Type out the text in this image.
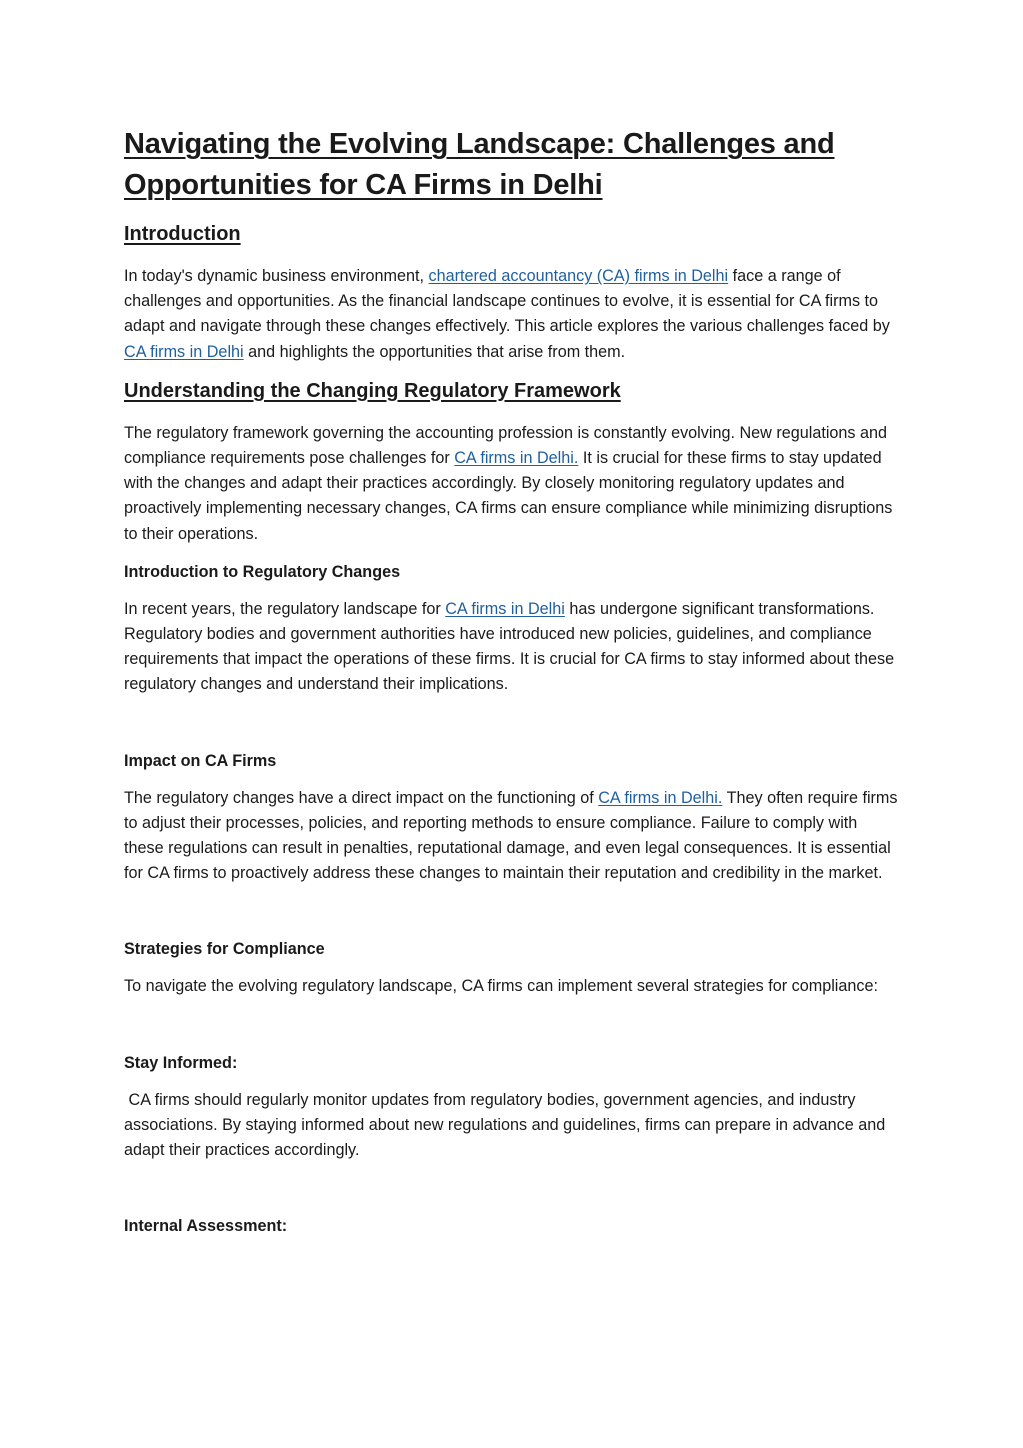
Navigating the Evolving Landscape: Challenges and Opportunities for CA Firms in Delhi
Introduction

In today's dynamic business environment, chartered accountancy (CA) firms in Delhi face a range of challenges and opportunities. As the financial landscape continues to evolve, it is essential for CA firms to adapt and navigate through these changes effectively. This article explores the various challenges faced by CA firms in Delhi and highlights the opportunities that arise from them.

Understanding the Changing Regulatory Framework

The regulatory framework governing the accounting profession is constantly evolving. New regulations and compliance requirements pose challenges for CA firms in Delhi. It is crucial for these firms to stay updated with the changes and adapt their practices accordingly. By closely monitoring regulatory updates and proactively implementing necessary changes, CA firms can ensure compliance while minimizing disruptions to their operations.

Introduction to Regulatory Changes

In recent years, the regulatory landscape for CA firms in Delhi has undergone significant transformations. Regulatory bodies and government authorities have introduced new policies, guidelines, and compliance requirements that impact the operations of these firms. It is crucial for CA firms to stay informed about these regulatory changes and understand their implications.

Impact on CA Firms

The regulatory changes have a direct impact on the functioning of CA firms in Delhi. They often require firms to adjust their processes, policies, and reporting methods to ensure compliance. Failure to comply with these regulations can result in penalties, reputational damage, and even legal consequences. It is essential for CA firms to proactively address these changes to maintain their reputation and credibility in the market.

Strategies for Compliance

To navigate the evolving regulatory landscape, CA firms can implement several strategies for compliance:

Stay Informed:

CA firms should regularly monitor updates from regulatory bodies, government agencies, and industry associations. By staying informed about new regulations and guidelines, firms can prepare in advance and adapt their practices accordingly.

Internal Assessment:
